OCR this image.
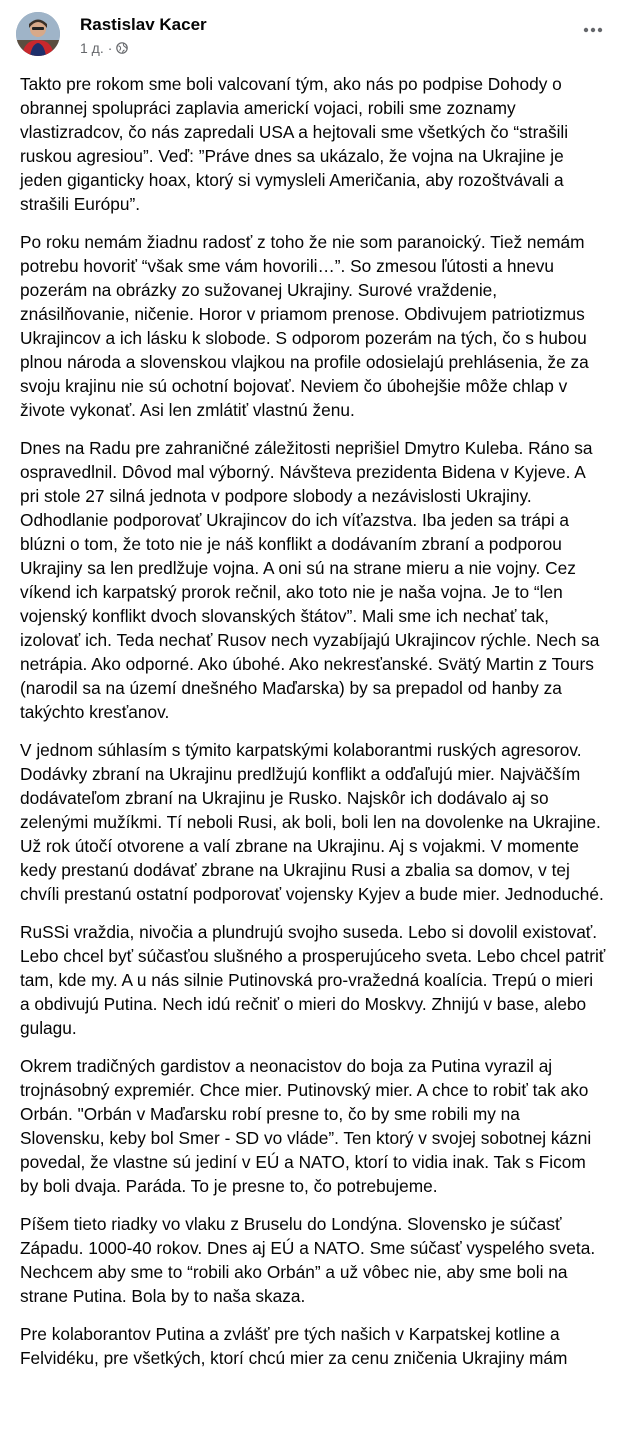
Rastislav Kacer
1 д. ·

Takto pre rokom sme boli valcovaní tým, ako nás po podpise Dohody o obrannej spolupráci zaplavia americkí vojaci, robili sme zoznamy vlastizradcov, čo nás zapredali USA a hejtovali sme všetkých čo “strašili ruskou agresiou”. Veď: ”Práve dnes sa ukázalo, že vojna na Ukrajine je jeden giganticky hoax, ktorý si vymysleli Američania, aby rozoštvávali a strašili Európu”.

Po roku nemám žiadnu radosť z toho že nie som paranoický. Tiež nemám potrebu hovoriť “však sme vám hovorili…”. So zmesou ľútosti a hnevu pozerám na obrázky zo sužovanej Ukrajiny. Surové vraždenie, znásilňovanie, ničenie. Horor v priamom prenose. Obdivujem patriotizmus Ukrajincov a ich lásku k slobode. S odporom pozerám na tých, čo s hubou plnou národa a slovenskou vlajkou na profile odosielajú prehlásenia, že za svoju krajinu nie sú ochotní bojovať. Neviem čo úbohejšie môže chlap v živote vykonať. Asi len zmlátiť vlastnú ženu.

Dnes na Radu pre zahraničné záležitosti neprišiel Dmytro Kuleba. Ráno sa ospravedlnil. Dôvod mal výborný. Návšteva prezidenta Bidena v Kyjeve. A pri stole 27 silná jednota v podpore slobody a nezávislosti Ukrajiny. Odhodlanie podporovať Ukrajincov do ich víťazstva. Iba jeden sa trápi a blúzni o tom, že toto nie je náš konflikt a dodávaním zbraní a podporou Ukrajiny sa len predlžuje vojna. A oni sú na strane mieru a nie vojny. Cez víkend ich karpatský prorok rečnil, ako toto nie je naša vojna. Je to “len vojenský konflikt dvoch slovanských štátov”. Mali sme ich nechať tak, izolovať ich. Teda nechať Rusov nech vyzabíjajú Ukrajincov rýchle. Nech sa netrápia. Ako odporné. Ako úbohé. Ako nekresťanské. Svätý Martin z Tours (narodil sa na území dnešného Maďarska) by sa prepadol od hanby za takýchto kresťanov.

V jednom súhlasím s týmito karpatskými kolaborantmi ruských agresorov. Dodávky zbraní na Ukrajinu predlžujú konflikt a odďaľujú mier. Najväčším dodávateľom zbraní na Ukrajinu je Rusko. Najskôr ich dodávalo aj so zelenými mužíkmi. Tí neboli Rusi, ak boli, boli len na dovolenke na Ukrajine. Už rok útočí otvorene a valí zbrane na Ukrajinu. Aj s vojakmi. V momente kedy prestanú dodávať zbrane na Ukrajinu Rusi a zbalia sa domov, v tej chvíli prestanú ostatní podporovať vojensky Kyjev a bude mier. Jednoduché.

RuSSi vraždia, nivočia a plundrujú svojho suseda. Lebo si dovolil existovať. Lebo chcel byť súčasťou slušného a prosperujúceho sveta. Lebo chcel patriť tam, kde my. A u nás silnie Putinovská pro-vražedná koalícia. Trepú o mieri a obdivujú Putina. Nech idú rečniť o mieri do Moskvy. Zhnijú v base, alebo gulagu.

Okrem tradičných gardistov a neonacistov do boja za Putina vyrazil aj trojnásobný expremiér. Chce mier. Putinovský mier. A chce to robiť tak ako Orbán. "Orbán v Maďarsku robí presne to, čo by sme robili my na Slovensku, keby bol Smer - SD vo vláde”. Ten ktorý v svojej sobotnej kázni povedal, že vlastne sú jediní v EÚ a NATO, ktorí to vidia inak. Tak s Ficom by boli dvaja. Paráda. To je presne to, čo potrebujeme.

Píšem tieto riadky vo vlaku z Bruselu do Londýna. Slovensko je súčasť Západu. 1000-40 rokov. Dnes aj EÚ a NATO. Sme súčasť vyspelého sveta. Nechcem aby sme to “robili ako Orbán” a už vôbec nie, aby sme boli na strane Putina. Bola by to naša skaza.

Pre kolaborantov Putina a zvlášť pre tých našich v Karpatskej kotline a Felvidéku, pre všetkých, ktorí chcú mier za cenu zničenia Ukrajiny mám
